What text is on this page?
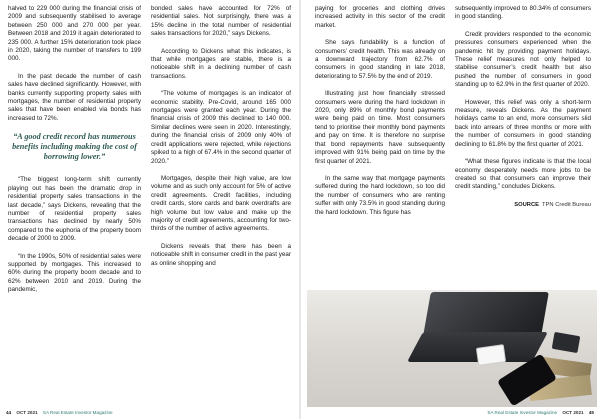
halved to 229 000 during the financial crisis of 2009 and subsequently stabilised to average between 250 000 and 270 000 per year. Between 2018 and 2019 it again deteriorated to 235 000. A further 15% deterioration took place in 2020, taking the number of transfers to 199 000.

In the past decade the number of cash sales have declined significantly. However, with banks currently supporting property sales with mortgages, the number of residential property sales that have been enabled via bonds has increased to 72%.

“A good credit record has numerous benefits including making the cost of borrowing lower.”

“The biggest long-term shift currently playing out has been the dramatic drop in residential property sales transactions in the last decade,” says Dickens, revealing that the number of residential property sales transactions has declined by nearly 50% compared to the euphoria of the property boom decade of 2000 to 2009.

“In the 1990s, 50% of residential sales were supported by mortgages. This increased to 60% during the property boom decade and to 62% between 2010 and 2019. During the pandemic,

bonded sales have accounted for 72% of residential sales. Not surprisingly, there was a 15% decline in the total number of residential sales transactions for 2020,” says Dickens.

According to Dickens what this indicates, is that while mortgages are stable, there is a noticeable shift in a declining number of cash transactions.

“The volume of mortgages is an indicator of economic stability. Pre-Covid, around 165 000 mortgages were granted each year. During the financial crisis of 2009 this declined to 140 000. Similar declines were seen in 2020. Interestingly, during the financial crisis of 2009 only 40% of credit applications were rejected, while rejections spiked to a high of 67.4% in the second quarter of 2020.”

Mortgages, despite their high value, are low volume and as such only account for 5% of active credit agreements. Credit facilities, including credit cards, store cards and bank overdrafts are high volume but low value and make up the majority of credit agreements, accounting for two-thirds of the number of active agreements.

Dickens reveals that there has been a noticeable shift in consumer credit in the past year as online shopping and

44 OCT 2021 SA Real Estate Investor Magazine

paying for groceries and clothing drives increased activity in this sector of the credit market.

She says fundability is a function of consumers’ credit health. This was already on a downward trajectory from 62.7% of consumers in good standing in late 2018, deteriorating to 57.5% by the end of 2019.

Illustrating just how financially stressed consumers were during the hard lockdown in 2020, only 89% of monthly bond payments were being paid on time. Most consumers tend to prioritise their monthly bond payments and pay on time. It is therefore no surprise that bond repayments have subsequently improved with 91% being paid on time by the first quarter of 2021.

In the same way that mortgage payments suffered during the hard lockdown, so too did the number of consumers who are renting suffer with only 73.5% in good standing during the hard lockdown. This figure has

subsequently improved to 80.34% of consumers in good standing.

Credit providers responded to the economic pressures consumers experienced when the pandemic hit by providing payment holidays. These relief measures not only helped to stabilise consumer’s credit health but also pushed the number of consumers in good standing up to 62.9% in the first quarter of 2020.

However, this relief was only a short-term measure, reveals Dickens. As the payment holidays came to an end, more consumers slid back into arrears of three months or more with the number of consumers in good standing declining to 61.8% by the first quarter of 2021.

“What these figures indicate is that the local economy desperately needs more jobs to be created so that consumers can improve their credit standing,” concludes Dickens.

SOURCE TPN Credit Bureau

SA Real Estate Investor Magazine OCT 2021 45
